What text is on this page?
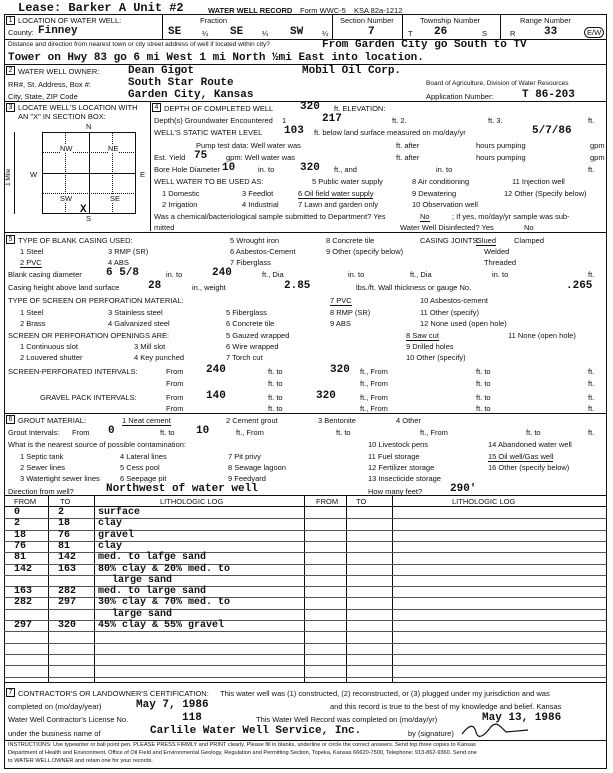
Lease: Barker A Unit #2	WATER WELL RECORD Form WWC-5 KSA 82a-1212
1 LOCATION OF WATER WELL:
County: Finney
Fraction
SE	¼ SE	¼ SW	¼
Section Number
7
Township Number
T 26	S
Range Number
R	33	E/W
Distance and direction from nearest town or city street address of well if located within city?	From Garden City go South to TV
Tower on Hwy 83 go 6 mi West 1 mi North ½mi East into location.
2 WATER WELL OWNER:	Dean Gigot	Mobil Oil Corp.
RR#, St. Address, Box #:	South Star Route	Board of Agriculture, Division of Water Resources
City, State, ZIP Code	Garden City, Kansas	Application Number:	T 86-203
3 LOCATE WELL'S LOCATION WITH AN "X" IN SECTION BOX:
N
S
E
W
1 Mile
NW	NE
SW	SE
X
4 DEPTH OF COMPLETED WELL 320 ft. ELEVATION:
Depth(s) Groundwater Encountered 1	217	ft. 2.	ft. 3.	ft.
WELL'S STATIC WATER LEVEL 103 ft. below land surface measured on mo/day/yr	5/7/86
Pump test data: Well water was	ft. after	hours pumping	gpm
Est. Yield 75	gpm: Well water was	ft. after	hours pumping	gpm
Bore Hole Diameter 10	in. to 320 ft., and	in. to	ft.
WELL WATER TO BE USED AS:	5 Public water supply	8 Air conditioning	11 Injection well
1 Domestic	3 Feedlot	6 Oil field water supply	9 Dewatering	12 Other (Specify below)
2 Irrigation	4 Industrial	7 Lawn and garden only	10 Observation well
Was a chemical/bacteriological sample submitted to Department? Yes	No	; If yes, mo/day/yr sample was sub-
mitted	Water Well Disinfected? Yes	No
5 TYPE OF BLANK CASING USED:	5 Wrought iron	8 Concrete tile	CASING JOINTS:
Glued Clamped
1 Steel	3 RMP (SR)	6 Asbestos-Cement	9 Other (specify below)	Welded
2 PVC	4 ABS	7 Fiberglass	Threaded
Blank casing diameter 6 5/8	in. to	240	ft., Dia	in. to	ft., Dia	in. to	ft.
Casing height above land surface	28	in., weight	2.85	lbs./ft. Wall thickness or gauge No.	.265
TYPE OF SCREEN OR PERFORATION MATERIAL:	7 PVC	10 Asbestos-cement
1 Steel	3 Stainless steel	5 Fiberglass	8 RMP (SR)	11 Other (specify)
2 Brass	4 Galvanized steel	6 Concrete tile	9 ABS	12 None used (open hole)
SCREEN OR PERFORATION OPENINGS ARE:	5 Gauzed wrapped	8 Saw cut	11 None (open hole)
1 Continuous slot	3 Mill slot	6 Wire wrapped	9 Drilled holes
2 Louvered shutter	4 Key punched	7 Torch cut	10 Other (specify)
SCREEN-PERFORATED INTERVALS:
From
From 240	ft. to	320 ft., From	ft. to	ft.
ft. to	ft., From	ft. to	ft.
GRAVEL PACK INTERVALS:	From 140	ft. to	320	ft., From	ft. to	ft.
From	ft. to	ft., From	ft. to	ft.
6 GROUT MATERIAL:	1 Neat cement	2 Cement grout	3 Bentonite	4 Other
Grout Intervals: From 0	ft. to 10	ft., From	ft. to	ft., From	ft. to	ft.
What is the nearest source of possible contamination:	10 Livestock pens	14 Abandoned water well
1 Septic tank	4 Lateral lines	7 Pit privy	11 Fuel storage	15 Oil well/Gas well
2 Sewer lines	5 Cess pool	8 Sewage lagoon	12 Fertilizer storage	16 Other (specify below)
3 Watertight sewer lines	6 Seepage pit	9 Feedyard	13 Insecticide storage
Direction from well?	Northwest of water well	How many feet?	290'
FROM	TO	LITHOLOGIC LOG	FROM TO	LITHOLOGIC LOG
0	2	surface
2	18	clay
18	76	gravel
76	81	clay
81	142 med. to lafge sand
142	163 80% clay & 20% med. to
large sand
163	282 med. to large sand
282	297 30% clay & 70% med. to
large sand
297	320 45% clay & 55% gravel
7 CONTRACTOR'S OR LANDOWNER'S CERTIFICATION: This water well was (1) constructed, (2) reconstructed, or (3) plugged under my jurisdiction and was
completed on (mo/day/year)	May 7, 1986	and this record is true to the best of my knowledge and belief. Kansas
Water Well Contractor's License No.	118	This Water Well Record was completed on (mo/day/yr)	May 13, 1986
under the business name of	Carlile Water Well Service, Inc.	by (signature)
INSTRUCTIONS: Use typewriter or ball point pen. PLEASE PRESS FIRMLY and PRINT clearly. Please fill in blanks, underline or circle the correct answers. Send top three copies to Kansas
Department of Health and Environment, Office of Oil Field and Environmental Geology, Regulation and Permitting Section, Topeka, Kansas 66620-7500, Telephone: 913-862-9360. Send one
to WATER WELL OWNER and retain one for your records.
